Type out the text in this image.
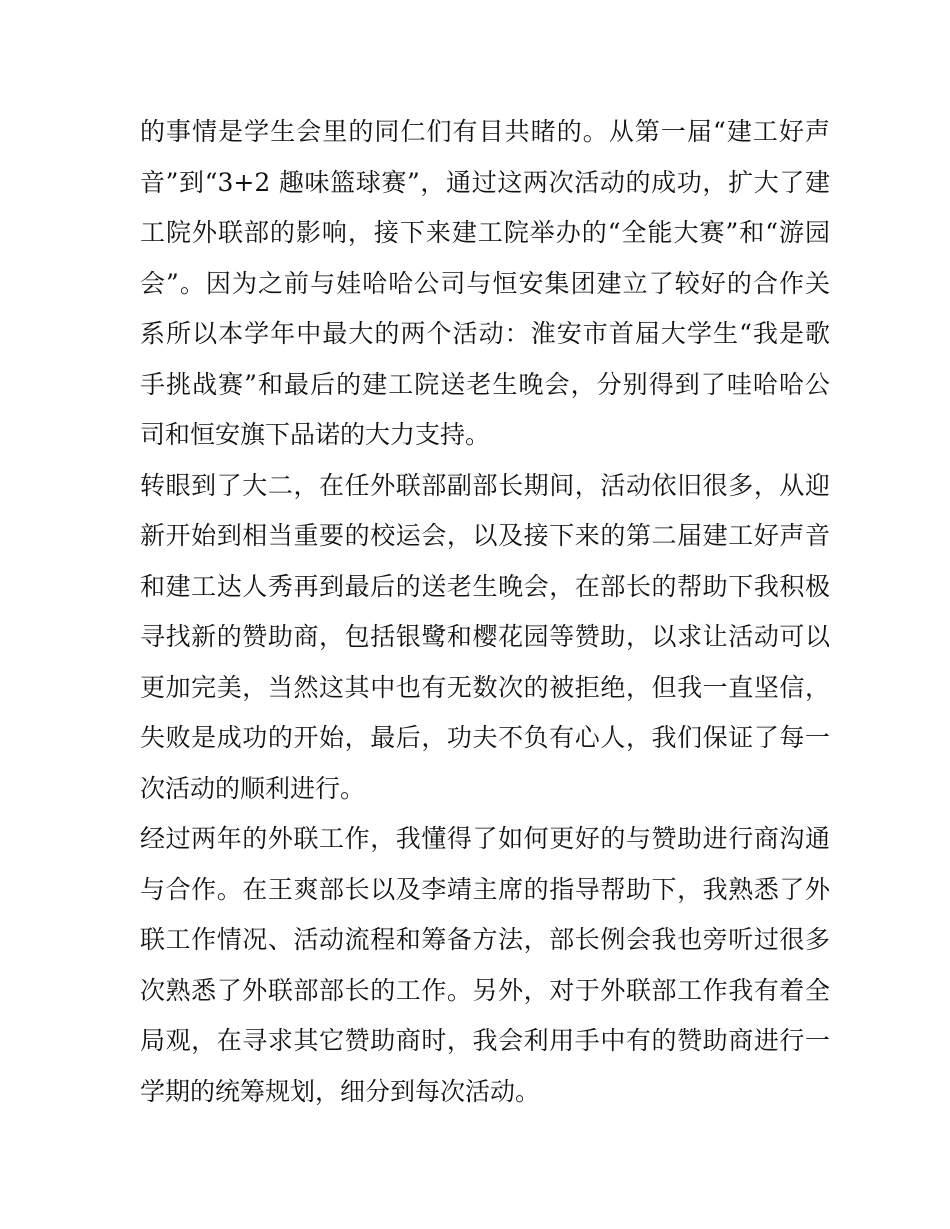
的事情是学生会里的同仁们有目共睹的。从第一届“建工好声
音”到“3+2 趣味篮球赛”，通过这两次活动的成功，扩大了建
工院外联部的影响，接下来建工院举办的“全能大赛”和“游园
会”。因为之前与娃哈哈公司与恒安集团建立了较好的合作关
系所以本学年中最大的两个活动：淮安市首届大学生“我是歌
手挑战赛”和最后的建工院送老生晚会，分别得到了哇哈哈公
司和恒安旗下品诺的大力支持。
转眼到了大二，在任外联部副部长期间，活动依旧很多，从迎
新开始到相当重要的校运会，以及接下来的第二届建工好声音
和建工达人秀再到最后的送老生晚会，在部长的帮助下我积极
寻找新的赞助商，包括银鹭和樱花园等赞助，以求让活动可以
更加完美，当然这其中也有无数次的被拒绝，但我一直坚信，
失败是成功的开始，最后，功夫不负有心人，我们保证了每一
次活动的顺利进行。
经过两年的外联工作，我懂得了如何更好的与赞助进行商沟通
与合作。在王爽部长以及李靖主席的指导帮助下，我熟悉了外
联工作情况、活动流程和筹备方法，部长例会我也旁听过很多
次熟悉了外联部部长的工作。另外，对于外联部工作我有着全
局观，在寻求其它赞助商时，我会利用手中有的赞助商进行一
学期的统筹规划，细分到每次活动。
